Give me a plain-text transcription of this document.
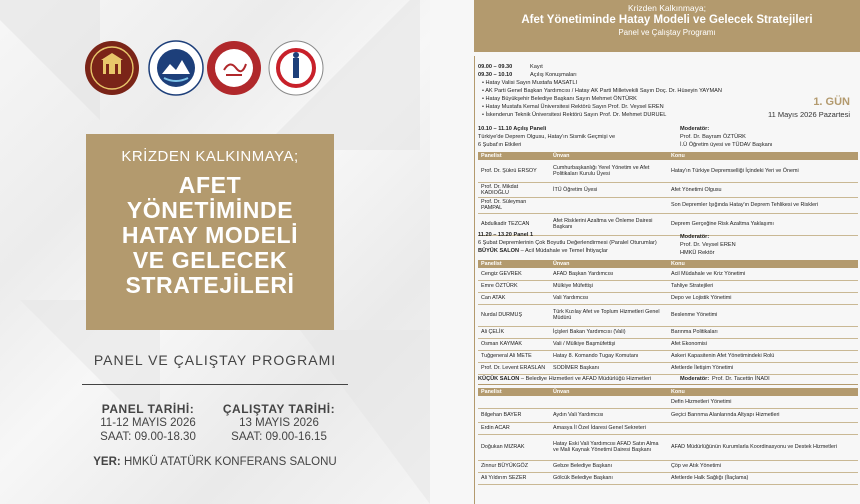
KRİZDEN KALKINMAYA;
AFET
YÖNETİMİNDE
HATAY MODELİ
VE GELECEK
STRATEJİLERİ
PANEL VE ÇALIŞTAY PROGRAMI
PANEL TARİHİ:
11-12 MAYIS 2026
SAAT: 09.00-18.30
ÇALIŞTAY TARİHİ:
13 MAYIS 2026
SAAT: 09.00-16.15
YER: HMKÜ ATATÜRK KONFERANS SALONU
Krizden Kalkınmaya;
Afet Yönetiminde Hatay Modeli ve Gelecek Stratejileri
Panel ve Çalıştay Programı
09.00 – 09.30	Kayıt
09.30 – 10.10	Açılış Konuşmaları
• Hatay Valisi Sayın Mustafa MASATLI
• AK Parti Genel Başkan Yardımcısı / Hatay AK Parti Milletvekili Sayın Doç. Dr. Hüseyin YAYMAN
• Hatay Büyükşehir Belediye Başkanı Sayın Mehmet ÖNTÜRK
• Hatay Mustafa Kemal Üniversitesi Rektörü Sayın Prof. Dr. Veysel EREN
• İskenderun Teknik Üniversitesi Rektörü Sayın Prof. Dr. Mehmet DURUEL
1. GÜN
11 Mayıs 2026 Pazartesi
10.10 – 11.10 Açılış Paneli
Türkiye'de Deprem Olgusu, Hatay'ın Sismik Geçmişi ve
6 Şubat'ın Etkileri
Moderatör:
Prof. Dr. Bayram ÖZTÜRK
İ.Ü Öğretim üyesi ve TÜDAV Başkanı
Panelist	Ünvan	Konu
Prof. Dr. Şükrü ERSOY	Cumhurbaşkanlığı Yerel Yönetim ve Afet Politikaları Kurulu Üyesi	Hatay'ın Türkiye Depremselliği İçindeki Yeri ve Önemi
Prof. Dr. Mikdat KADIOĞLU	İTÜ Öğretim Üyesi	Afet Yönetimi Olgusu
Prof. Dr. Süleyman PAMPAL		Son Depremler Işığında Hatay'ın Deprem Tehlikesi ve Riskleri
Abdulkadir TEZCAN	Afet Risklerini Azaltma ve Önleme Dairesi Başkanı	Deprem Gerçeğine Risk Azaltma Yaklaşımı
11.20 – 13.20 Panel 1
6 Şubat Depremlerinin Çok Boyutlu Değerlendirmesi (Paralel Oturumlar)
BÜYÜK SALON – Acil Müdahale ve Temel İhtiyaçlar
Moderatör:
Prof. Dr. Veysel EREN
HMKÜ Rektör
Panelist	Ünvan	Konu
Cengiz GEVREK	AFAD Başkan Yardımcısı	Acil Müdahale ve Kriz Yönetimi
Emre ÖZTÜRK	Mülkiye Müfettişi	Tahliye Stratejileri
Can ATAK	Vali Yardımcısı	Depo ve Lojistik Yönetimi
Nurdal DURMUŞ	Türk Kızılay Afet ve Toplum Hizmetleri Genel Müdürü	Beslenme Yönetimi
Ali ÇELİK	İçişleri Bakan Yardımcısı (Vali)	Barınma Politikaları
Osman KAYMAK	Vali / Mülkiye Başmüfettişi	Afet Ekonomisi
Tuğgeneral Ali METE	Hatay 8. Komando Tugay Komutanı	Askeri Kapasitenin Afet Yönetimindeki Rolü
Prof. Dr. Levent ERASLAN	SODİMER Başkanı	Afetlerde İletişim Yönetimi
KÜÇÜK SALON – Belediye Hizmetleri ve AFAD Müdürlüğü Hizmetleri	Moderatör: Prof. Dr. Tacettin İNADI
Panelist	Ünvan	Konu
		Defin Hizmetleri Yönetimi
Bilgehan BAYER	Aydın Vali Yardımcısı	Geçici Barınma Alanlarında Altyapı Hizmetleri
Erdin ACAR	Amasya İl Özel İdaresi Genel Sekreteri	
Doğukan MIZRAK	Hatay Eski Vali Yardımcısı AFAD Satın Alma ve Mali Kaynak Yönetimi Dairesi Başkanı	AFAD Müdürlüğünün Kurumlarla Koordinasyonu ve Destek Hizmetleri
Zinnur BÜYÜKGÖZ	Gebze Belediye Başkanı	Çöp ve Atık Yönetimi
Ali Yıldırım SEZER	Gölcük Belediye Başkanı	Afetlerde Halk Sağlığı (İlaçlama)
